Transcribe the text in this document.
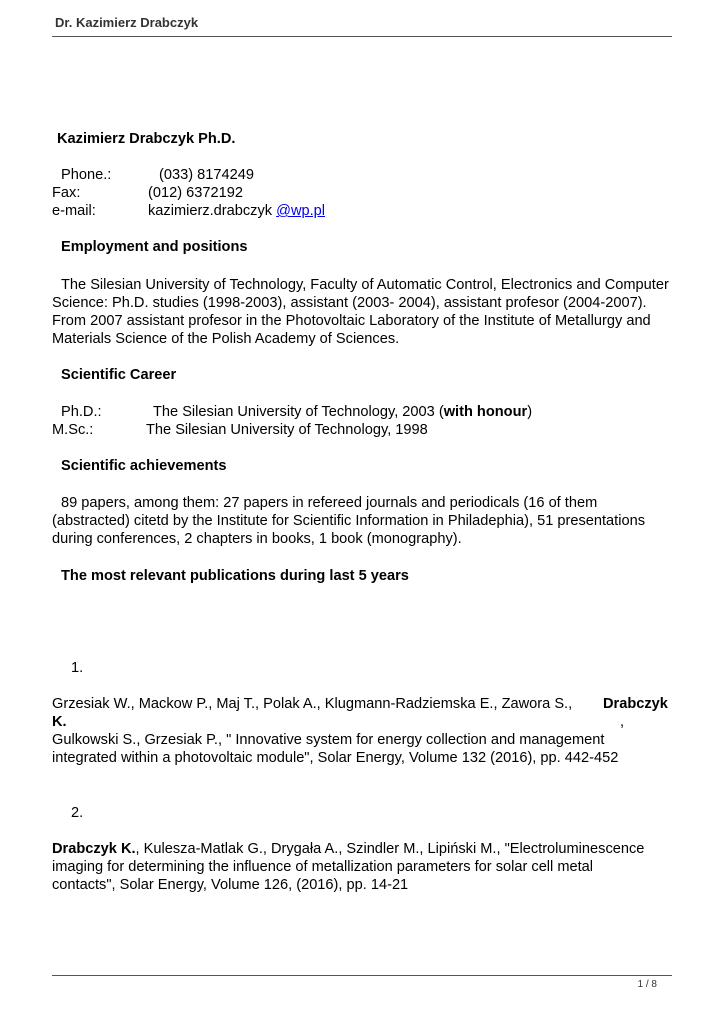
Dr. Kazimierz Drabczyk
Kazimierz Drabczyk Ph.D.
Phone.:	(033) 8174249
Fax:	(012) 6372192
e-mail:	kazimierz.drabczyk @wp.pl
Employment and positions
The Silesian University of Technology, Faculty of Automatic Control, Electronics and Computer
Science: Ph.D. studies (1998-2003), assistant (2003- 2004), assistant profesor (2004-2007).
From 2007 assistant profesor in the Photovoltaic Laboratory of the Institute of Metallurgy and
Materials Science of the Polish Academy of Sciences.
Scientific Career
Ph.D.:	The Silesian University of Technology, 2003 (with honour)
M.Sc.:	The Silesian University of Technology, 1998
Scientific achievements
89 papers, among them: 27 papers in refereed journals and periodicals (16 of them
(abstracted) citetd by the Institute for Scientific Information in Philadephia), 51 presentations
during conferences, 2 chapters in books, 1 book (monography).
The most relevant publications during last 5 years
1.
Grzesiak W., Mackow P., Maj T., Polak A., Klugmann-Radziemska E., Zawora S., Drabczyk
K.	,
Gulkowski S., Grzesiak P., " Innovative system for energy collection and management
integrated within a photovoltaic module", Solar Energy, Volume 132 (2016), pp. 442-452
2.
Drabczyk K., Kulesza-Matlak G., Drygała A., Szindler M., Lipiński M., "Electroluminescence
imaging for determining the influence of metallization parameters for solar cell metal
contacts", Solar Energy, Volume 126, (2016), pp. 14-21
1 / 8
